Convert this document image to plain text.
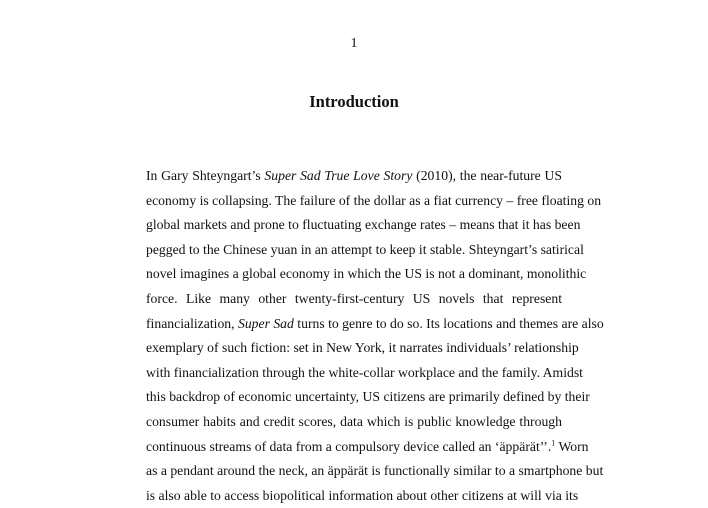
1
Introduction
In Gary Shteyngart’s Super Sad True Love Story (2010), the near-future US
economy is collapsing. The failure of the dollar as a fiat currency – free floating on
global markets and prone to fluctuating exchange rates – means that it has been
pegged to the Chinese yuan in an attempt to keep it stable. Shteyngart’s satirical
novel imagines a global economy in which the US is not a dominant, monolithic
force. Like many other twenty-first-century US novels that represent
financialization, Super Sad turns to genre to do so. Its locations and themes are also
exemplary of such fiction: set in New York, it narrates individuals’ relationship
with financialization through the white-collar workplace and the family. Amidst
this backdrop of economic uncertainty, US citizens are primarily defined by their
consumer habits and credit scores, data which is public knowledge through
continuous streams of data from a compulsory device called an ‘äppärät’’.$^1$ Worn
as a pendant around the neck, an äppärät is functionally similar to a smartphone but
is also able to access biopolitical information about other citizens at will via its
